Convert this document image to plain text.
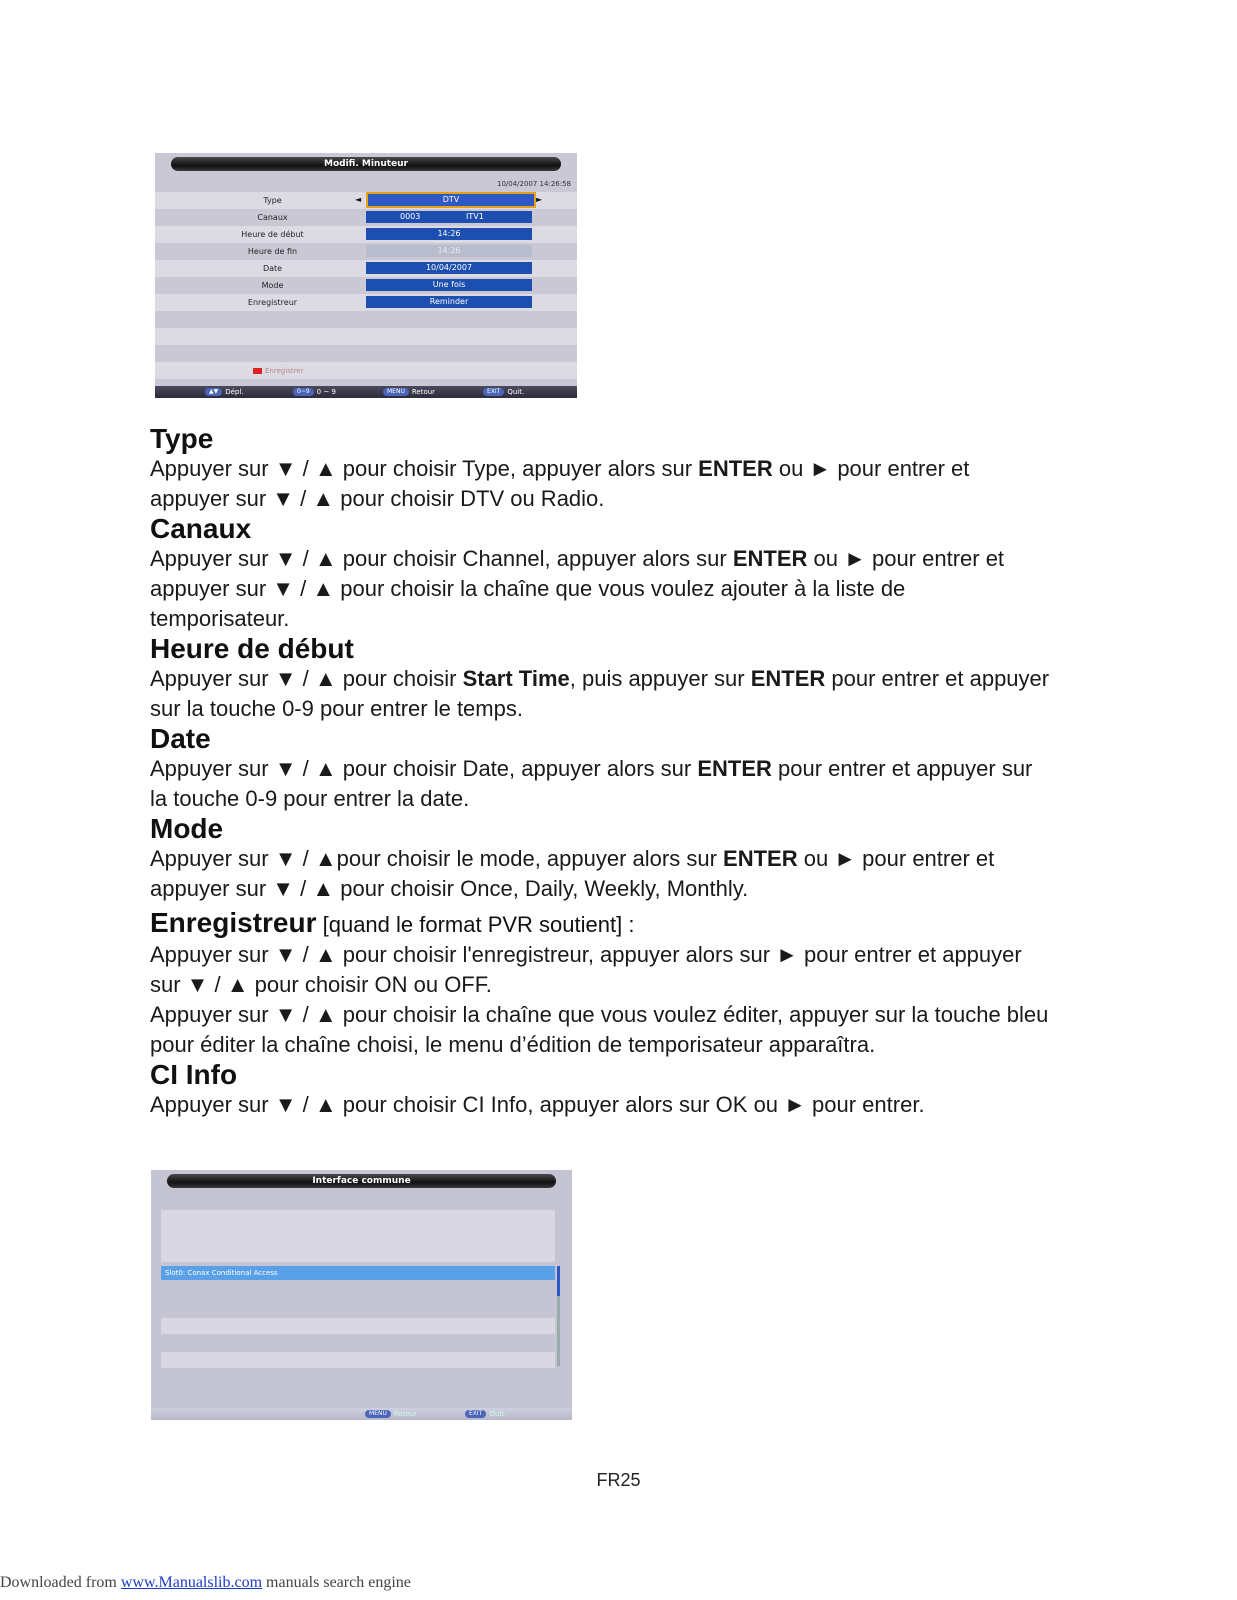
Modifi. Minuteur
10/04/2007 14:26:58
Type	◄	DTV	►
Canaux	0003	ITV1
Heure de début	14:26
Heure de fin	14:26
Date	10/04/2007
Mode	Une fois
Enregistreur	Reminder
Enregistrer
▲▼ Dépl.	0~9 0 ~ 9	MENU Retour	EXIT Quit.
Type

Appuyer sur ▼ / ▲ pour choisir Type, appuyer alors sur ENTER ou ► pour entrer et appuyer sur ▼ / ▲ pour choisir DTV ou Radio.

Canaux

Appuyer sur ▼ / ▲ pour choisir Channel, appuyer alors sur ENTER ou ► pour entrer et appuyer sur ▼ / ▲ pour choisir la chaîne que vous voulez ajouter à la liste de temporisateur.

Heure de début

Appuyer sur ▼ / ▲ pour choisir Start Time, puis appuyer sur ENTER pour entrer et appuyer sur la touche 0-9 pour entrer le temps.

Date

Appuyer sur ▼ / ▲ pour choisir Date, appuyer alors sur ENTER pour entrer et appuyer sur la touche 0-9 pour entrer la date.

Mode

Appuyer sur ▼ / ▲pour choisir le mode, appuyer alors sur ENTER ou ► pour entrer et appuyer sur ▼ / ▲ pour choisir Once, Daily, Weekly, Monthly.

Enregistreur [quand le format PVR soutient] :

Appuyer sur ▼ / ▲ pour choisir l'enregistreur, appuyer alors sur ► pour entrer et appuyer sur ▼ / ▲ pour choisir ON ou OFF.

Appuyer sur ▼ / ▲ pour choisir la chaîne que vous voulez éditer, appuyer sur la touche bleu pour éditer la chaîne choisi, le menu d’édition de temporisateur apparaîtra.

CI Info

Appuyer sur ▼ / ▲ pour choisir CI Info, appuyer alors sur OK ou ► pour entrer.

Interface commune
Slot0: Conax Conditional Access
MENU Retour	EXIT Quit.
FR25
Downloaded from www.Manualslib.com manuals search engine
